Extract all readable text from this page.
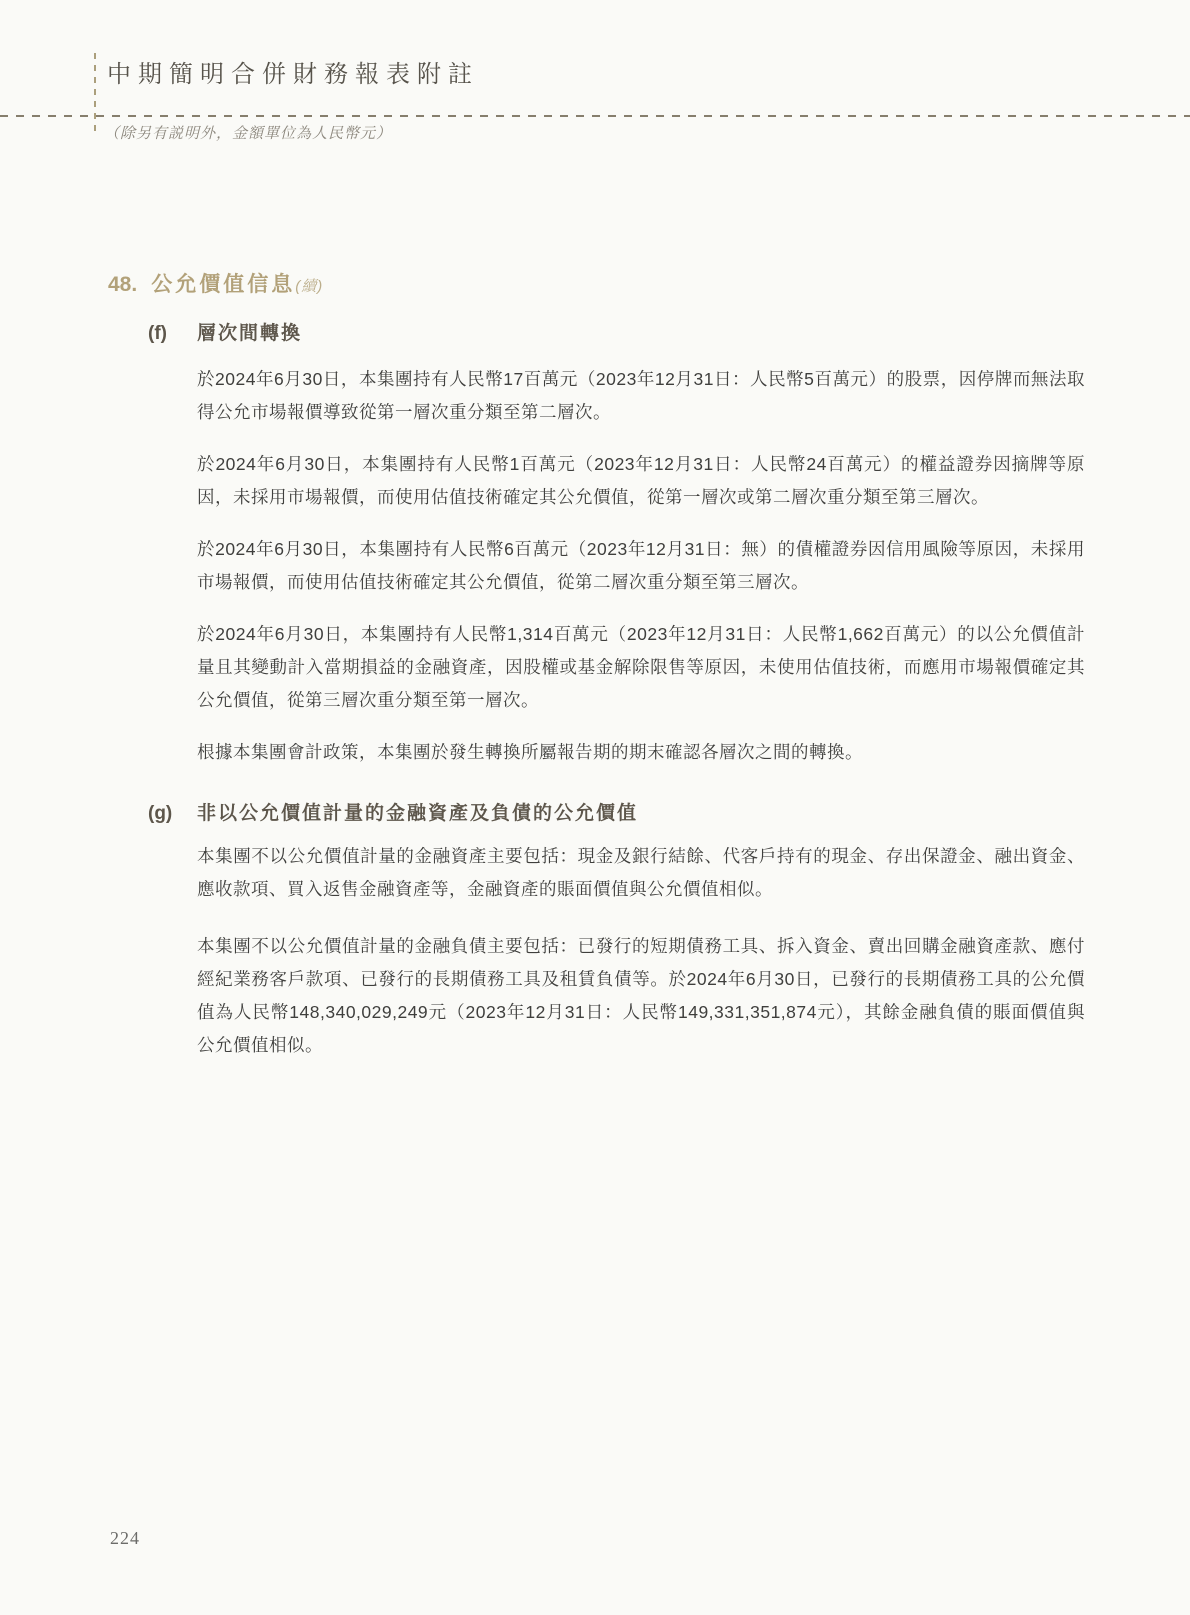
中期簡明合併財務報表附註
（除另有説明外，金額單位為人民幣元）
48. 公允價值信息 (續)
(f)	層次間轉換

於2024年6月30日，本集團持有人民幣17百萬元（2023年12月31日：人民幣5百萬元）的股票，因停牌而無法取得公允市場報價導致從第一層次重分類至第二層次。

於2024年6月30日，本集團持有人民幣1百萬元（2023年12月31日：人民幣24百萬元）的權益證券因摘牌等原因，未採用市場報價，而使用估值技術確定其公允價值，從第一層次或第二層次重分類至第三層次。

於2024年6月30日，本集團持有人民幣6百萬元（2023年12月31日：無）的債權證券因信用風險等原因，未採用市場報價，而使用估值技術確定其公允價值，從第二層次重分類至第三層次。

於2024年6月30日，本集團持有人民幣1,314百萬元（2023年12月31日：人民幣1,662百萬元）的以公允價值計量且其變動計入當期損益的金融資產，因股權或基金解除限售等原因，未使用估值技術，而應用市場報價確定其公允價值，從第三層次重分類至第一層次。

根據本集團會計政策，本集團於發生轉換所屬報告期的期末確認各層次之間的轉換。

(g)	非以公允價值計量的金融資產及負債的公允價值

本集團不以公允價值計量的金融資產主要包括：現金及銀行結餘、代客戶持有的現金、存出保證金、融出資金、應收款項、買入返售金融資產等，金融資產的賬面價值與公允價值相似。

本集團不以公允價值計量的金融負債主要包括：已發行的短期債務工具、拆入資金、賣出回購金融資產款、應付經紀業務客戶款項、已發行的長期債務工具及租賃負債等。於2024年6月30日，已發行的長期債務工具的公允價值為人民幣148,340,029,249元（2023年12月31日：人民幣149,331,351,874元），其餘金融負債的賬面價值與公允價值相似。

224
